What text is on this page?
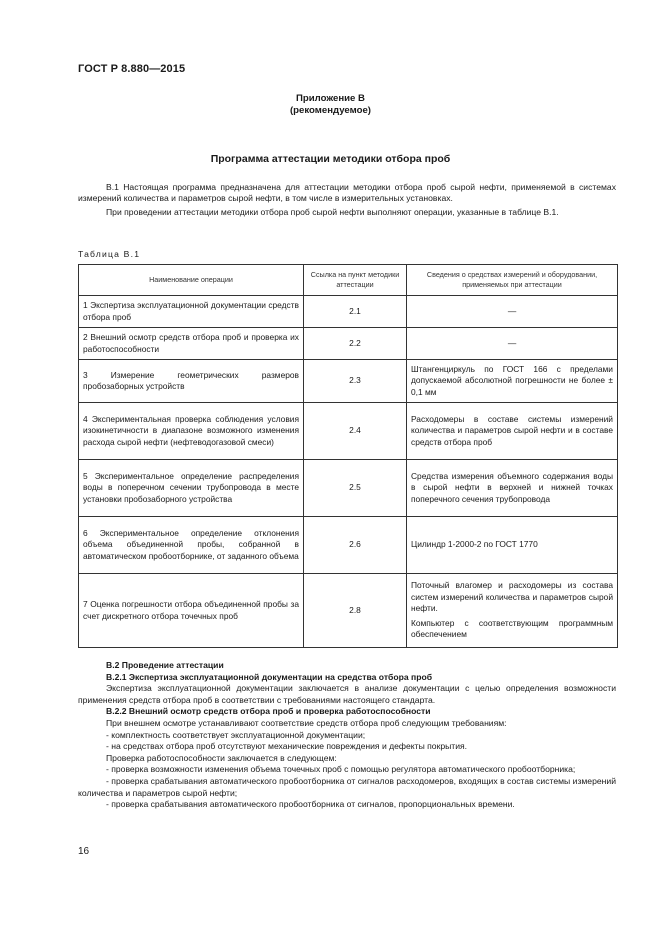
ГОСТ Р 8.880—2015
Приложение В
(рекомендуемое)
Программа аттестации методики отбора проб
В.1 Настоящая программа предназначена для аттестации методики отбора проб сырой нефти, применяемой в системах измерений количества и параметров сырой нефти, в том числе в измерительных установках.
При проведении аттестации методики отбора проб сырой нефти выполняют операции, указанные в таблице В.1.
Таблица В.1
Наименование операции	Ссылка на пункт методики аттестации	Сведения о средствах измерений и оборудовании, применяемых при аттестации
1 Экспертиза эксплуатационной документации средств отбора проб	2.1	—
2 Внешний осмотр средств отбора проб и проверка их работоспособности	2.2	—
3 Измерение геометрических размеров пробозаборных устройств	2.3	Штангенциркуль по ГОСТ 166 с пределами допускаемой абсолютной погрешности не более ± 0,1 мм
4 Экспериментальная проверка соблюдения условия изокинетичности в диапазоне возможного изменения расхода сырой нефти (нефтеводогазовой смеси)	2.4	Расходомеры в составе системы измерений количества и параметров сырой нефти и в составе средств отбора проб
5 Экспериментальное определение распределения воды в поперечном сечении трубопровода в месте установки пробозаборного устройства	2.5	Средства измерения объемного содержания воды в сырой нефти в верхней и нижней точках поперечного сечения трубопровода
6 Экспериментальное определение отклонения объема объединенной пробы, собранной в автоматическом пробоотборнике, от заданного объема	2.6	Цилиндр 1-2000-2 по ГОСТ 1770
7 Оценка погрешности отбора объединенной пробы за счет дискретного отбора точечных проб	2.8	Поточный влагомер и расходомеры из состава систем измерений количества и параметров сырой нефти.
Компьютер с соответствующим программным обеспечением

В.2 Проведение аттестации

В.2.1 Экспертиза эксплуатационной документации на средства отбора проб

Экспертиза эксплуатационной документации заключается в анализе документации с целью определения возможности применения средств отбора проб в соответствии с требованиями настоящего стандарта.

В.2.2 Внешний осмотр средств отбора проб и проверка работоспособности

При внешнем осмотре устанавливают соответствие средств отбора проб следующим требованиям:

- комплектность соответствует эксплуатационной документации;

- на средствах отбора проб отсутствуют механические повреждения и дефекты покрытия.

Проверка работоспособности заключается в следующем:

- проверка возможности изменения объема точечных проб с помощью регулятора автоматического пробоотборника;

- проверка срабатывания автоматического пробоотборника от сигналов расходомеров, входящих в состав системы измерений количества и параметров сырой нефти;

- проверка срабатывания автоматического пробоотборника от сигналов, пропорциональных времени.

16
